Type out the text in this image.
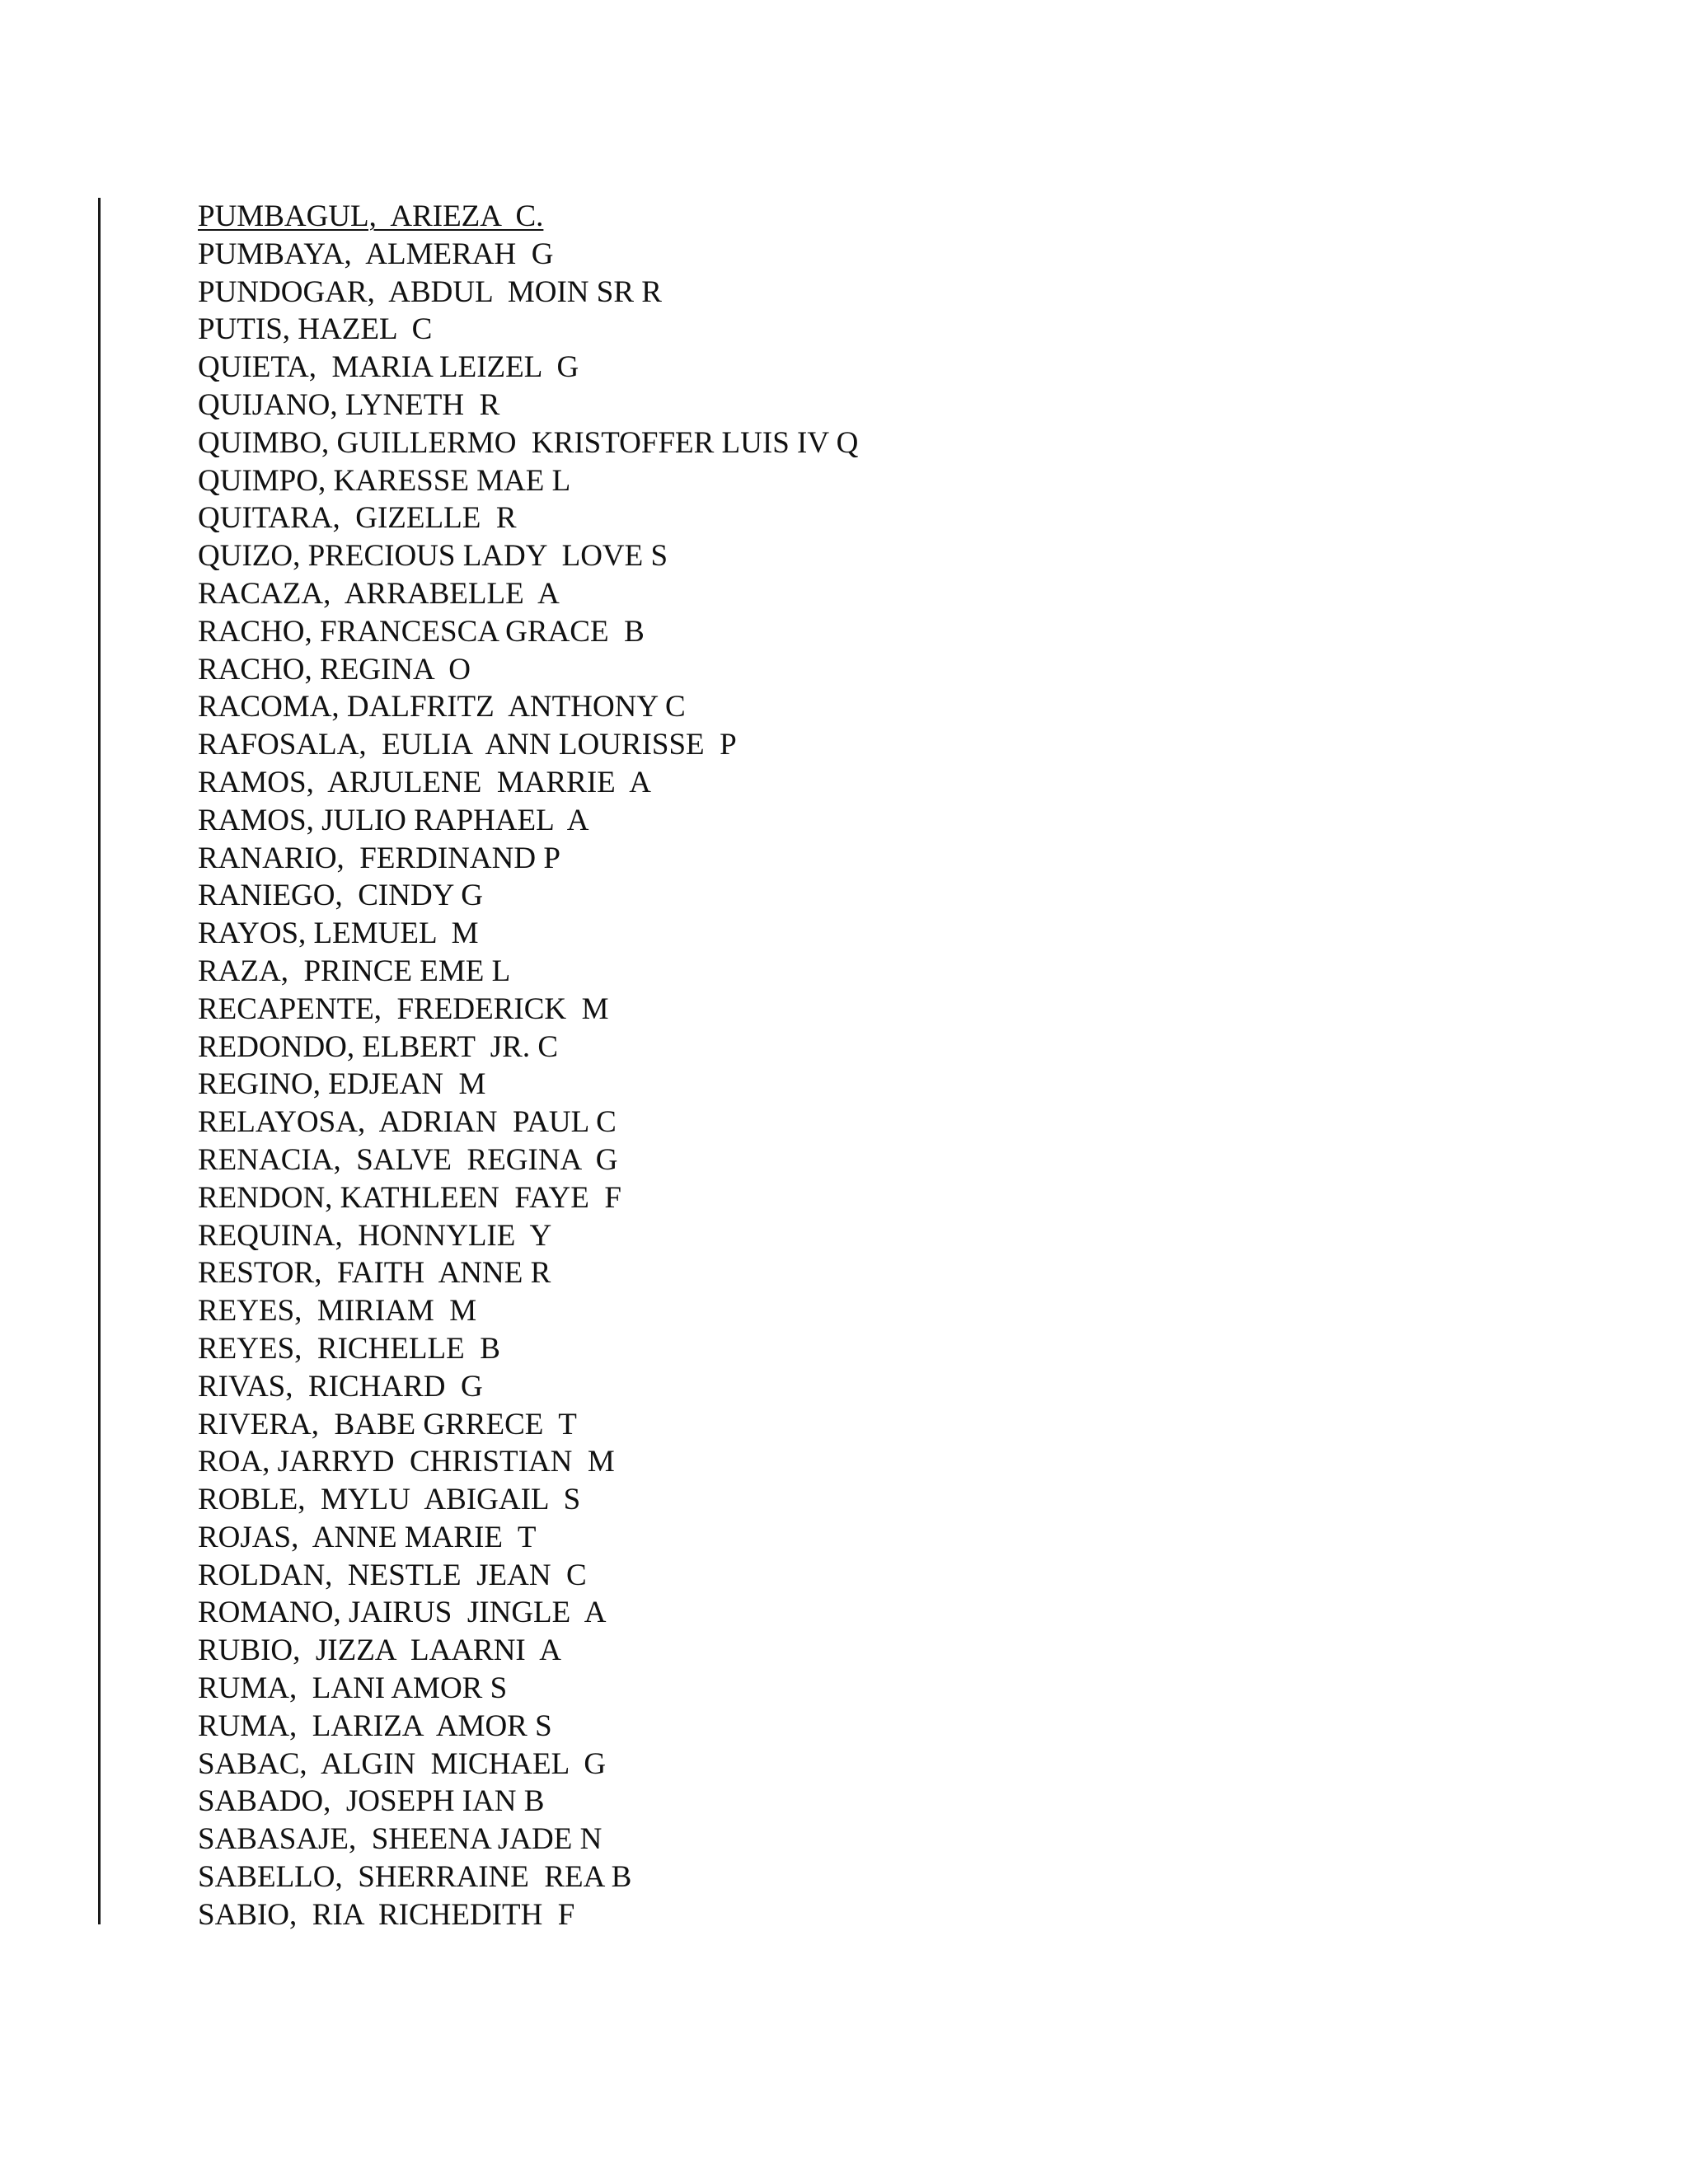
PUMBAGUL,  ARIEZA  C.
PUMBAYA,  ALMERAH  G
PUNDOGAR,  ABDUL  MOIN SR R
PUTIS, HAZEL  C
QUIETA,  MARIA LEIZEL  G
QUIJANO, LYNETH  R
QUIMBO, GUILLERMO  KRISTOFFER LUIS IV Q
QUIMPO, KARESSE MAE L
QUITARA,  GIZELLE  R
QUIZO, PRECIOUS LADY  LOVE S
RACAZA,  ARRABELLE  A
RACHO, FRANCESCA GRACE  B
RACHO, REGINA  O
RACOMA, DALFRITZ  ANTHONY C
RAFOSALA,  EULIA  ANN LOURISSE  P
RAMOS,  ARJULENE  MARRIE  A
RAMOS, JULIO RAPHAEL  A
RANARIO,  FERDINAND P
RANIEGO,  CINDY G
RAYOS, LEMUEL  M
RAZA,  PRINCE EME L
RECAPENTE,  FREDERICK  M
REDONDO, ELBERT  JR. C
REGINO, EDJEAN  M
RELAYOSA,  ADRIAN  PAUL C
RENACIA,  SALVE  REGINA  G
RENDON, KATHLEEN  FAYE  F
REQUINA,  HONNYLIE  Y
RESTOR,  FAITH  ANNE R
REYES,  MIRIAM  M
REYES,  RICHELLE  B
RIVAS,  RICHARD  G
RIVERA,  BABE GRRECE  T
ROA, JARRYD  CHRISTIAN  M
ROBLE,  MYLU  ABIGAIL  S
ROJAS,  ANNE MARIE  T
ROLDAN,  NESTLE  JEAN  C
ROMANO, JAIRUS  JINGLE  A
RUBIO,  JIZZA  LAARNI  A
RUMA,  LANI AMOR S
RUMA,  LARIZA  AMOR S
SABAC,  ALGIN  MICHAEL  G
SABADO,  JOSEPH IAN B
SABASAJE,  SHEENA JADE N
SABELLO,  SHERRAINE  REA B
SABIO,  RIA  RICHEDITH  F
